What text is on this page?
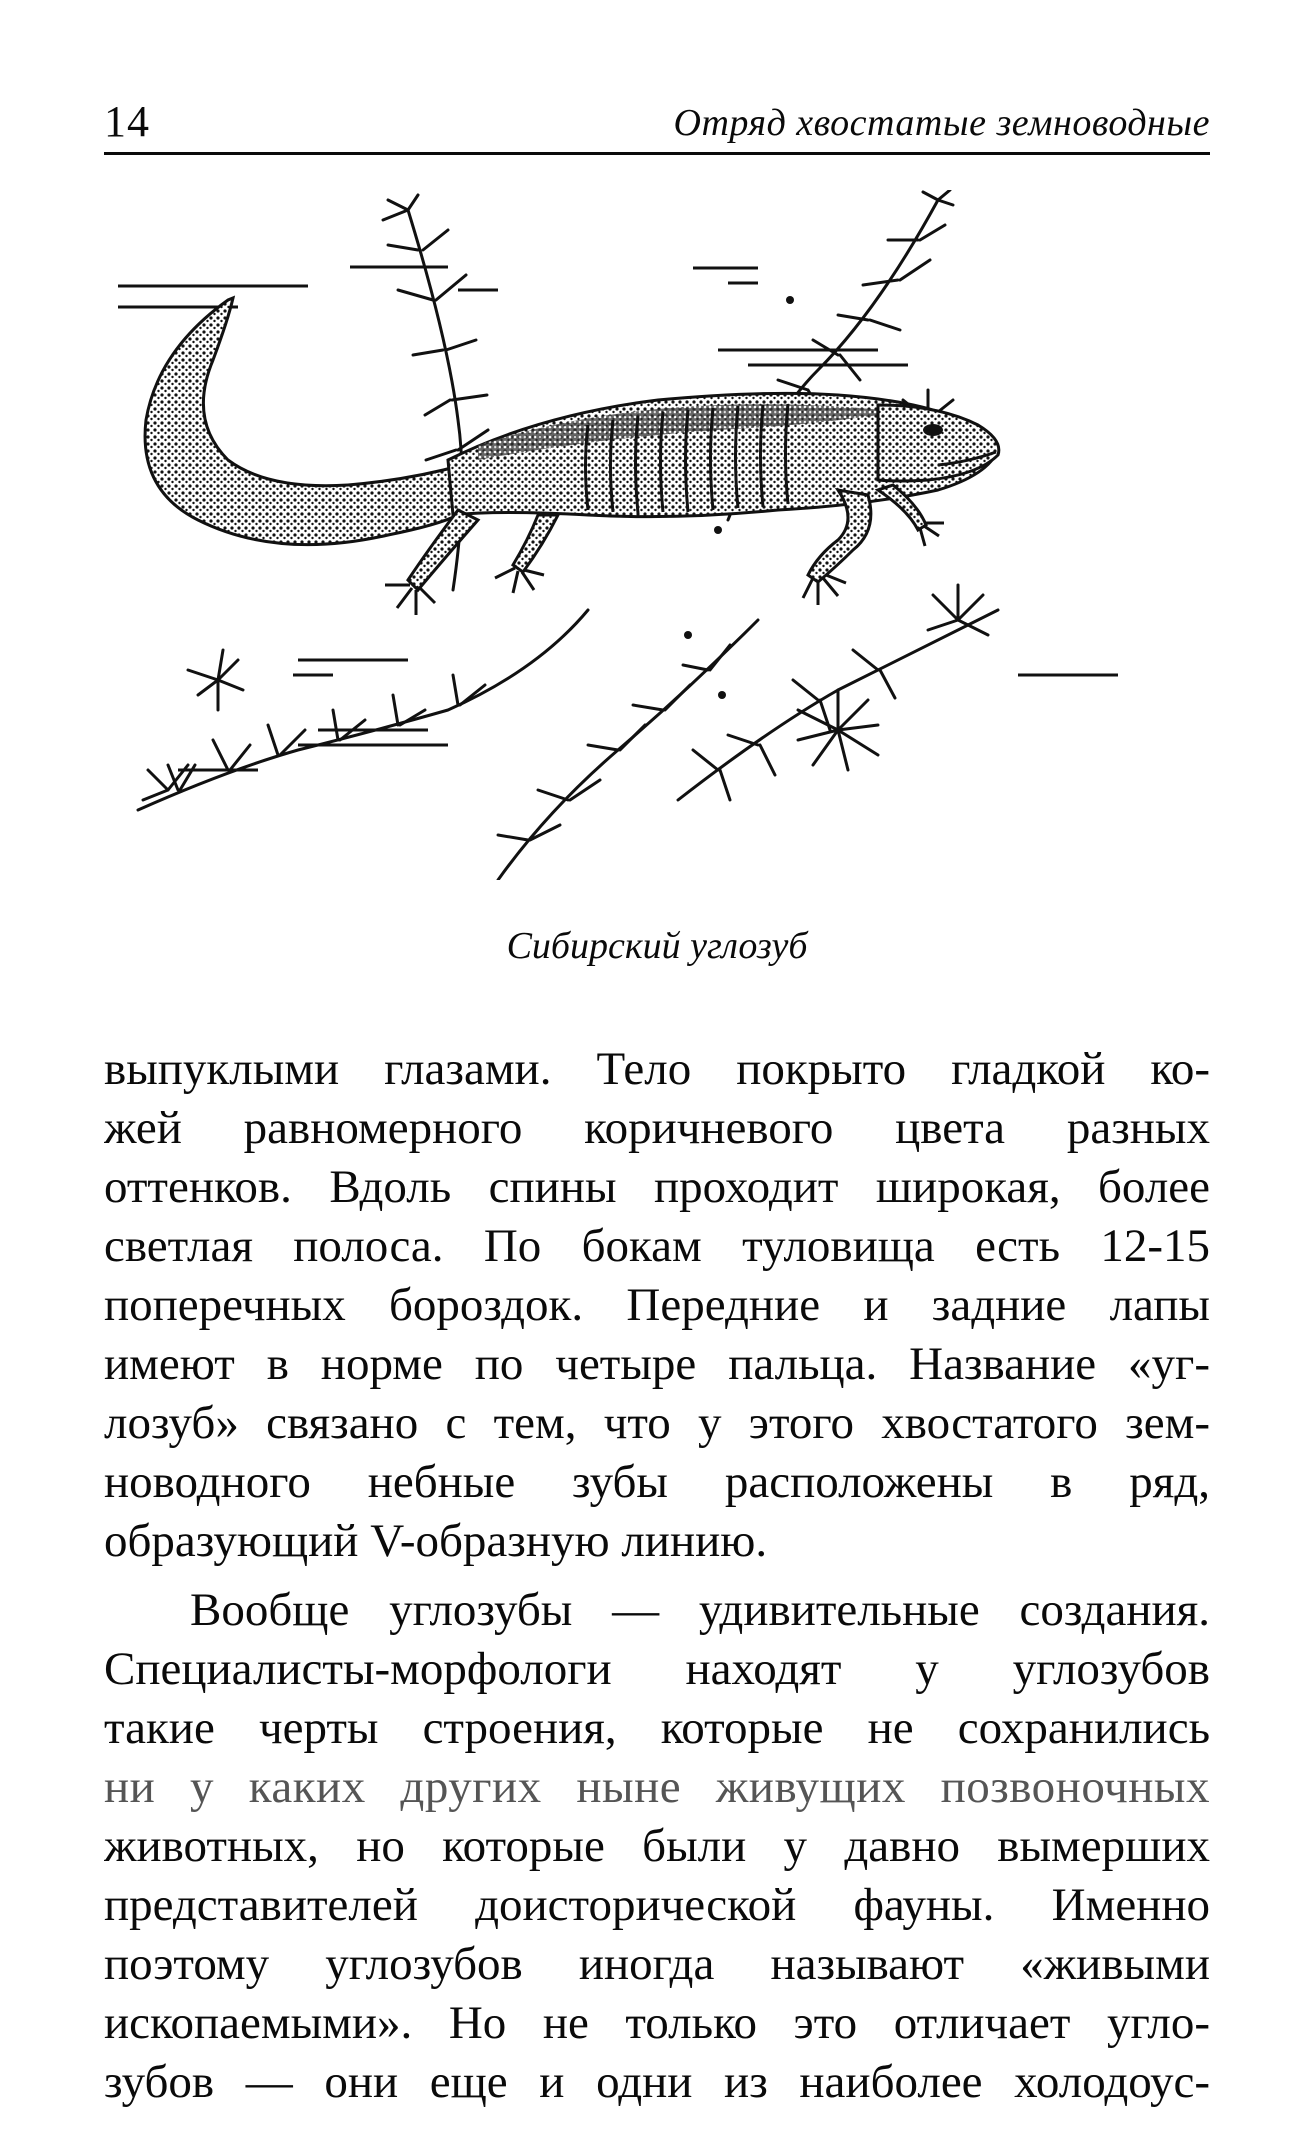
14	Отряд хвостатые земноводные
Сибирский углозуб
выпуклыми глазами. Тело покрыто гладкой ко-
жей равномерного коричневого цвета разных
оттенков. Вдоль спины проходит широкая, более
светлая полоса. По бокам туловища есть 12-15
поперечных бороздок. Передние и задние лапы
имеют в норме по четыре пальца. Название «уг-
лозуб» связано с тем, что у этого хвостатого зем-
новодного небные зубы расположены в ряд,
образующий V-образную линию.
Вообще углозубы — удивительные создания.
Специалисты-морфологи находят у углозубов
такие черты строения, которые не сохранились
ни у каких других ныне живущих позвоночных
животных, но которые были у давно вымерших
представителей доисторической фауны. Именно
поэтому углозубов иногда называют «живыми
ископаемыми». Но не только это отличает угло-
зубов — они еще и одни из наиболее холодоус-
